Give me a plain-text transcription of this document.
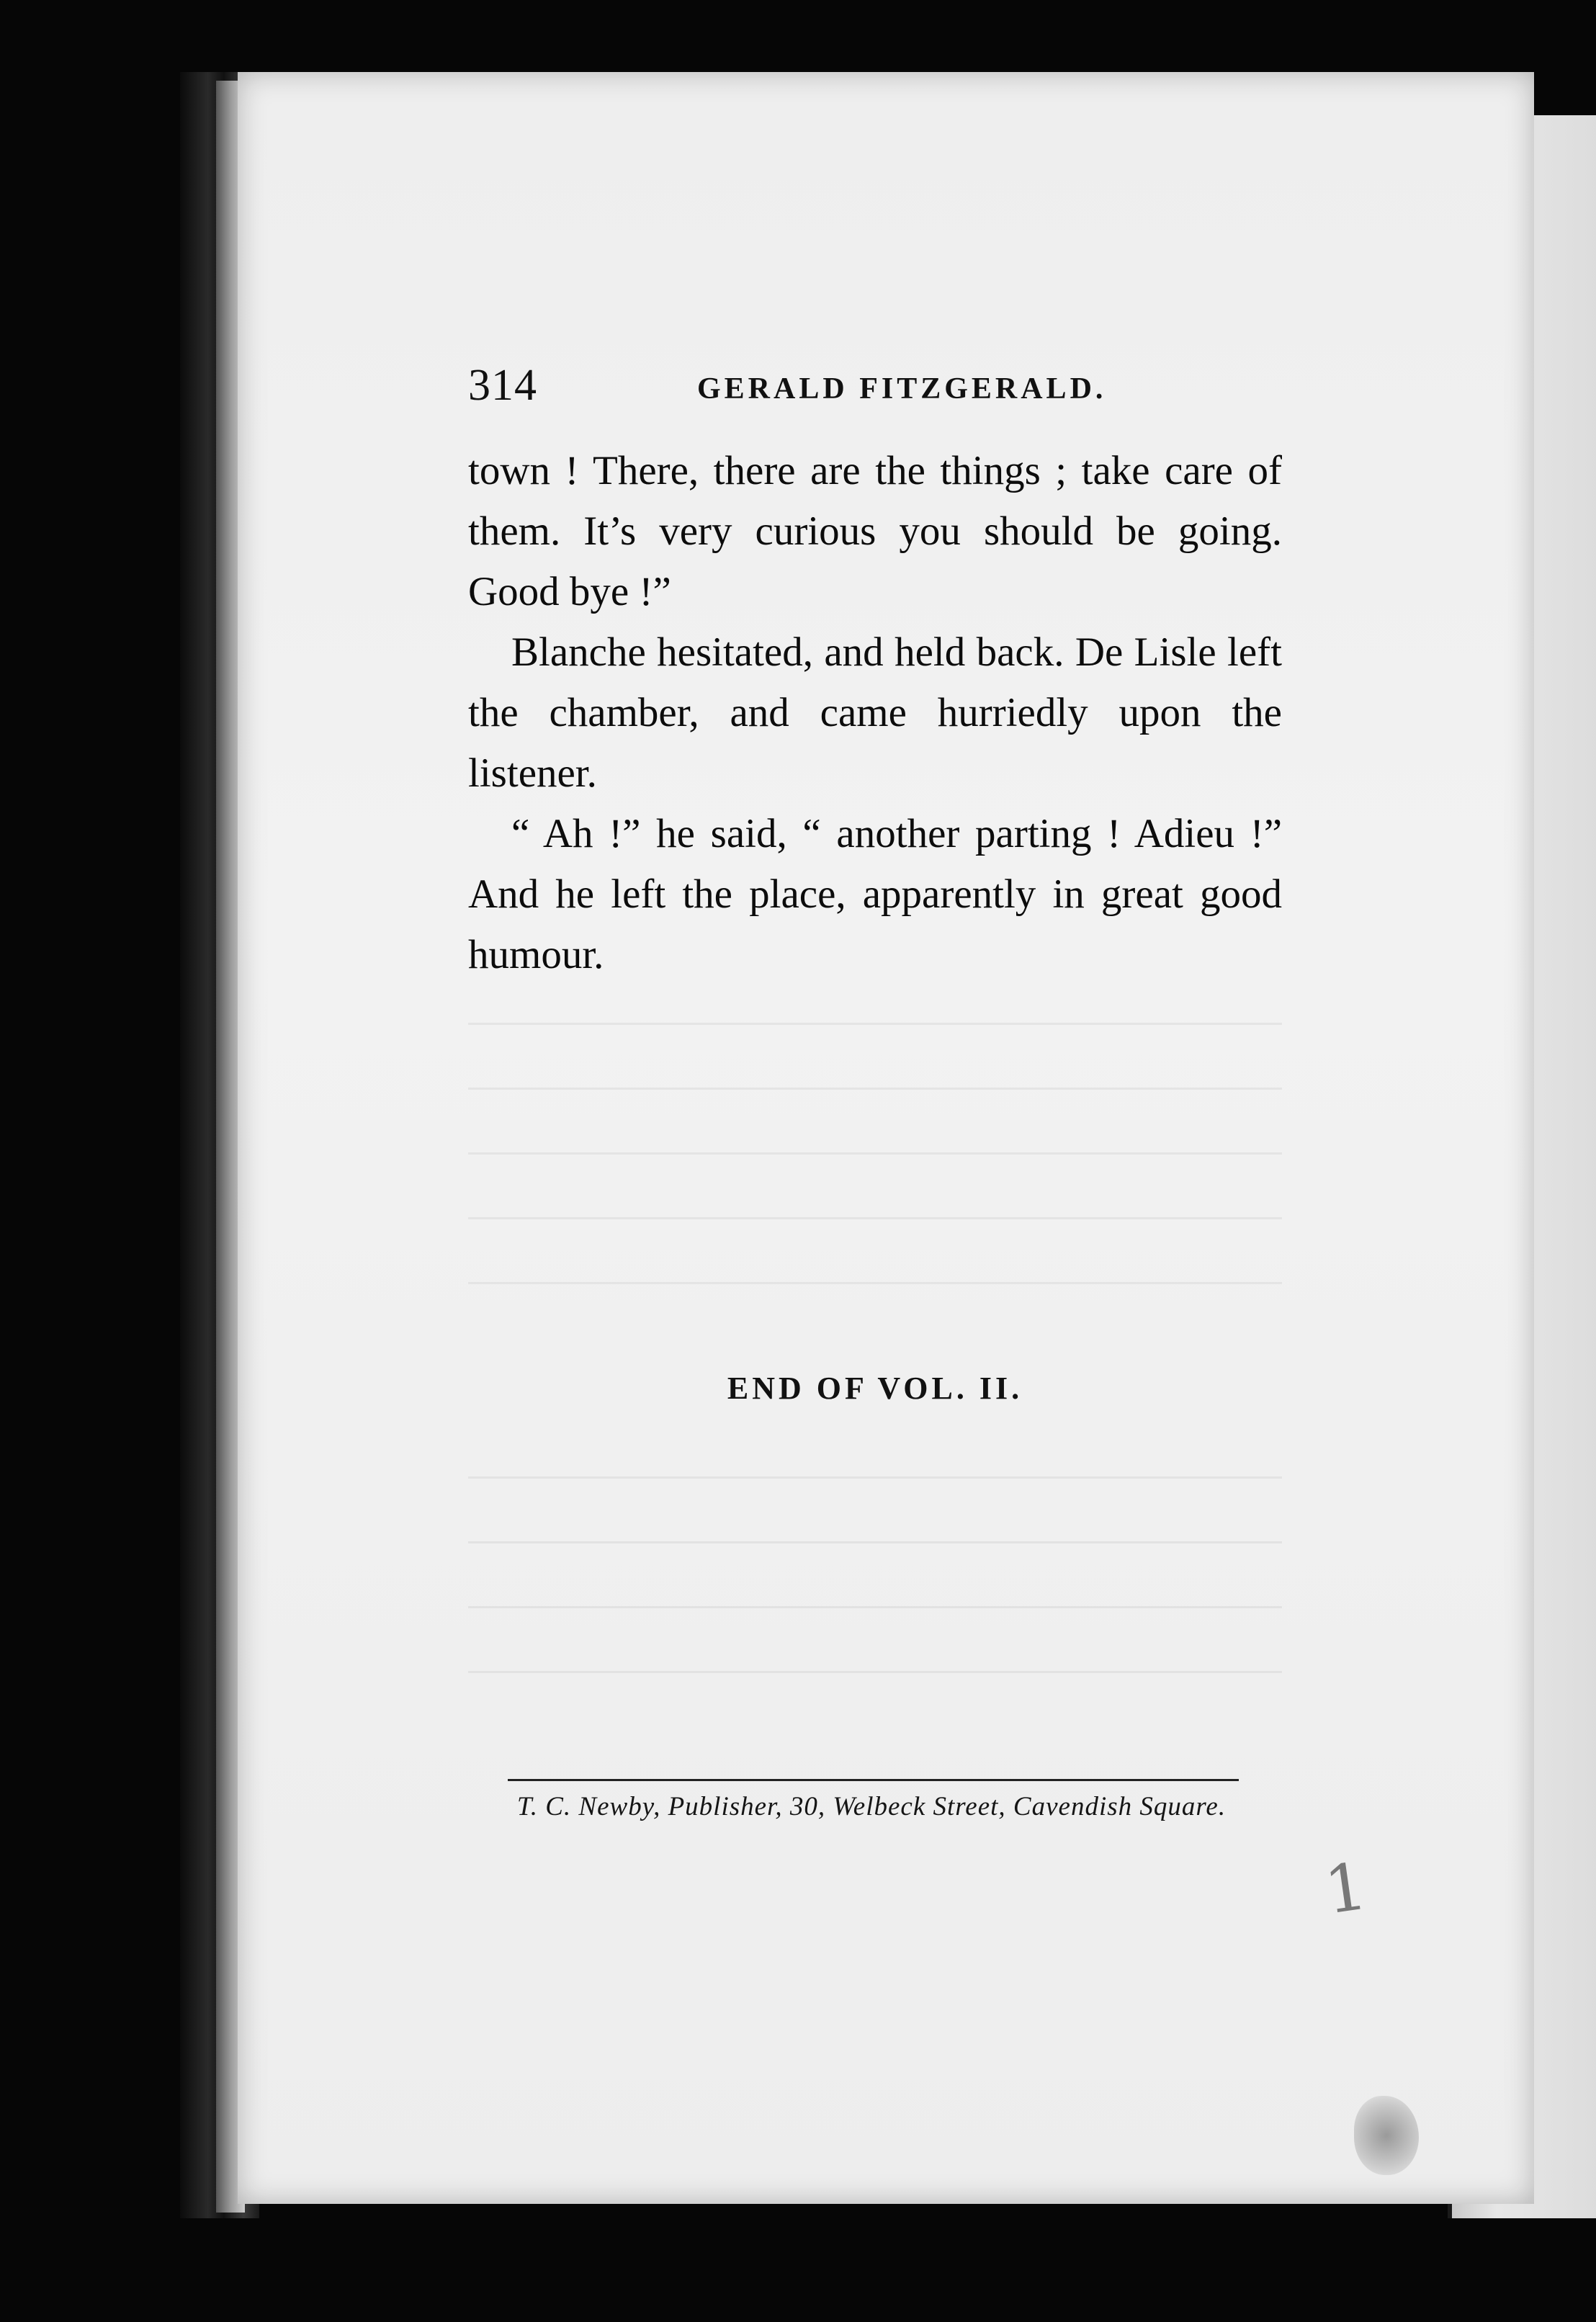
314	GERALD FITZGERALD.

town ! There, there are the things ; take care of them. It’s very curious you should be going. Good bye !”

Blanche hesitated, and held back. De Lisle left the chamber, and came hurriedly upon the listener.

“ Ah !” he said, “ another parting ! Adieu !” And he left the place, apparently in great good humour.

END OF VOL. II.
T. C. Newby, Publisher, 30, Welbeck Street, Cavendish Square.
1
